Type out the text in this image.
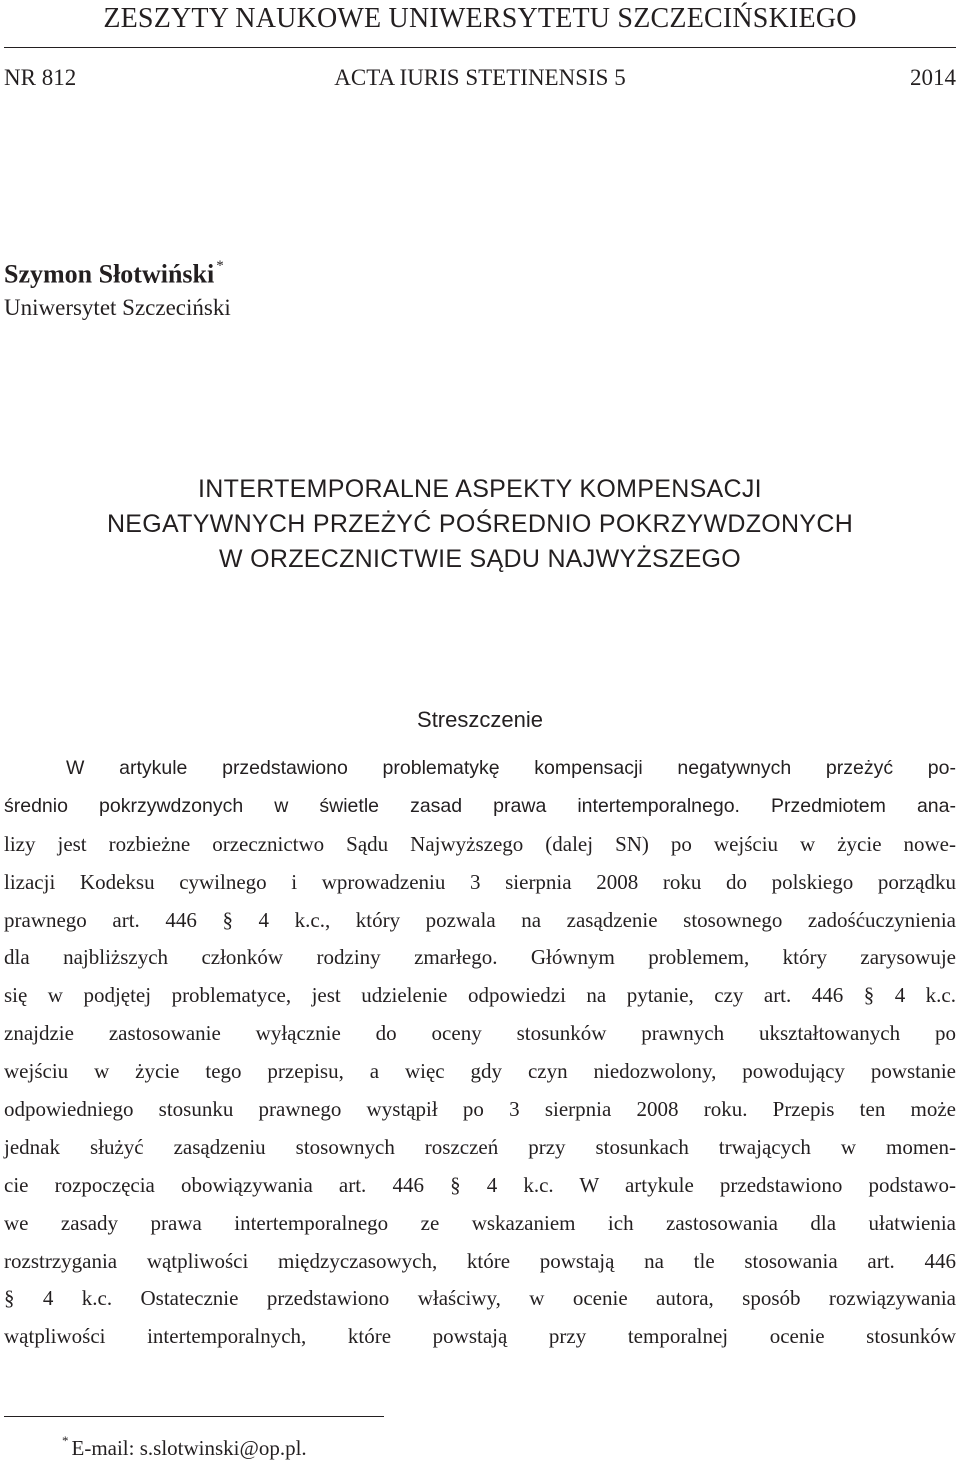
ZESZYTY NAUKOWE UNIWERSYTETU SZCZECIŃSKIEGO
ACTA IURIS STETINENSIS 5
NR 812	2014
Szymon Słotwiński *
Uniwersytet Szczeciński
INTERTEMPORALNE ASPEKTY KOMPENSACJI
NEGATYWNYCH PRZEŻYĆ POŚREDNIO POKRZYWDZONYCH
W ORZECZNICTWIE SĄDU NAJWYŻSZEGO
Streszczenie
W artykule przedstawiono problematykę kompensacji negatywnych przeżyć po-
średnio pokrzywdzonych w świetle zasad prawa intertemporalnego. Przedmiotem ana-
lizy jest rozbieżne orzecznictwo Sądu Najwyższego (dalej SN) po wejściu w życie nowe-
lizacji Kodeksu cywilnego i wprowadzeniu 3 sierpnia 2008 roku do polskiego porządku
prawnego art. 446 § 4 k.c., który pozwala na zasądzenie stosownego zadośćuczynienia
dla najbliższych członków rodziny zmarłego. Głównym problemem, który zarysowuje
się w podjętej problematyce, jest udzielenie odpowiedzi na pytanie, czy art. 446 § 4 k.c.
znajdzie zastosowanie wyłącznie do oceny stosunków prawnych ukształtowanych po
wejściu w życie tego przepisu, a więc gdy czyn niedozwolony, powodujący powstanie
odpowiedniego stosunku prawnego wystąpił po 3 sierpnia 2008 roku. Przepis ten może
jednak służyć zasądzeniu stosownych roszczeń przy stosunkach trwających w momen-
cie rozpoczęcia obowiązywania art. 446 § 4 k.c. W artykule przedstawiono podstawo-
we zasady prawa intertemporalnego ze wskazaniem ich zastosowania dla ułatwienia
rozstrzygania wątpliwości międzyczasowych, które powstają na tle stosowania art. 446
§ 4 k.c. Ostatecznie przedstawiono właściwy, w ocenie autora, sposób rozwiązywania
wątpliwości intertemporalnych, które powstają przy temporalnej ocenie stosunków
* E-mail: s.slotwinski@op.pl.
